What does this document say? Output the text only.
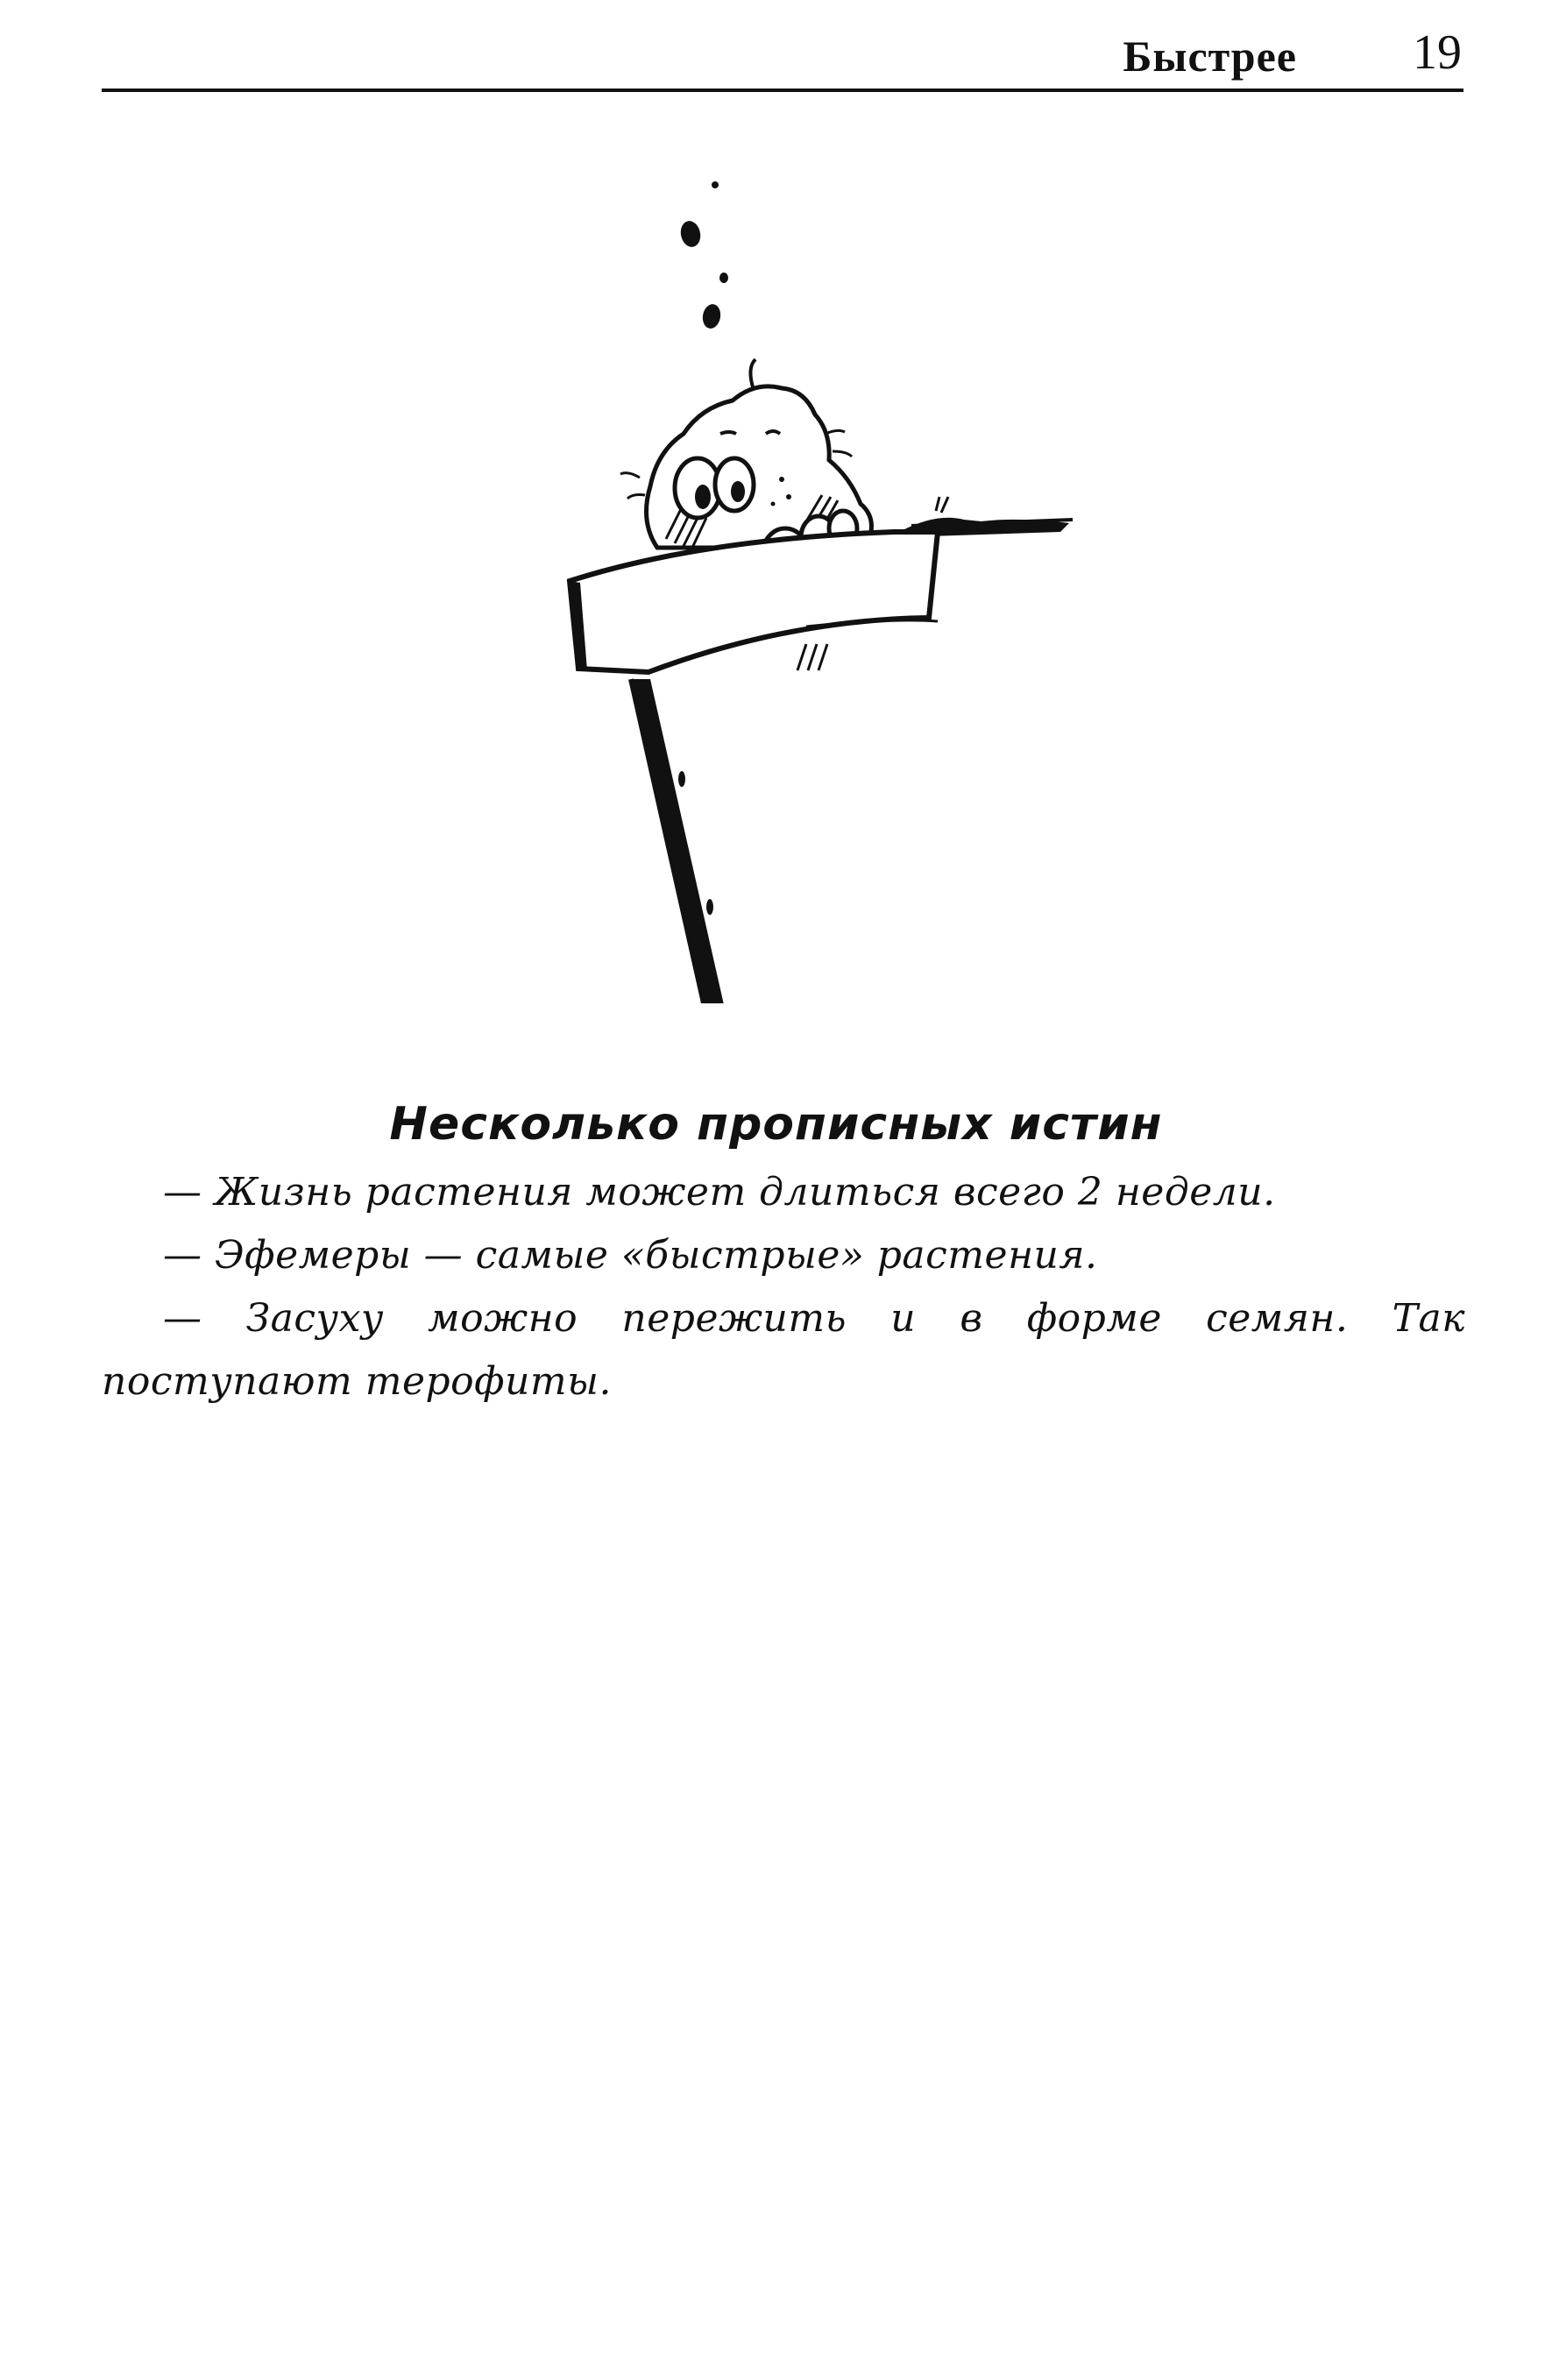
Быстрее 19
Несколько прописных истин

— Жизнь растения может длиться всего 2 недели.

— Эфемеры — самые «быстрые» растения.

— Засуху можно пережить и в форме семян. Так поступают терофиты.
